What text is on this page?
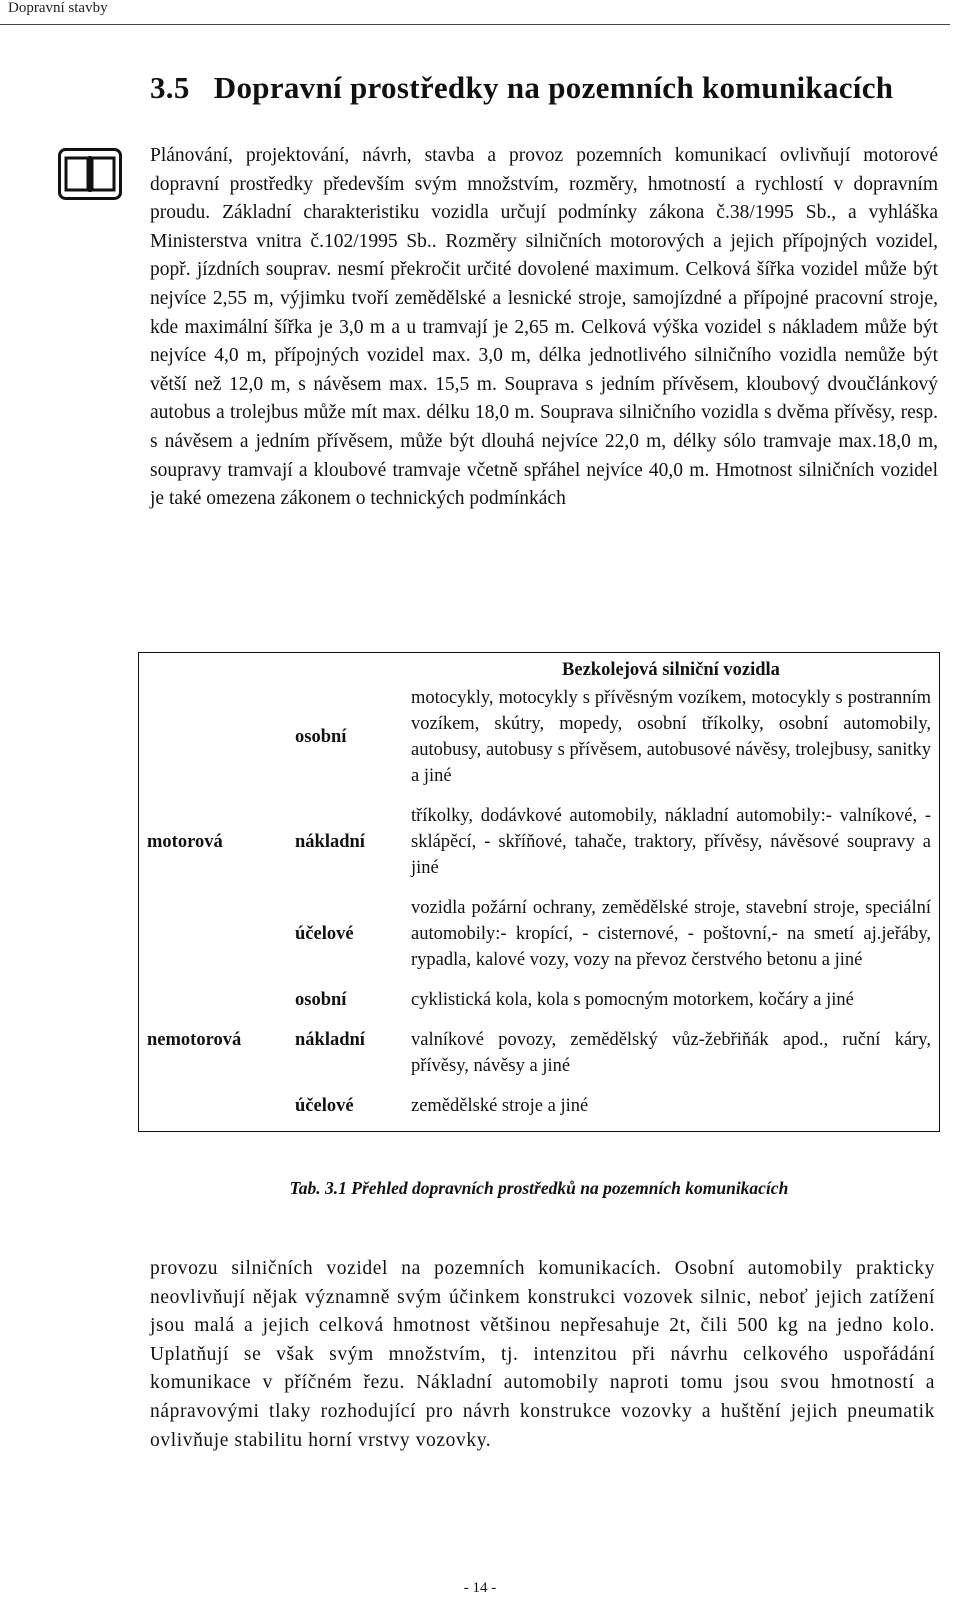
Dopravní stavby
3.5   Dopravní prostředky na pozemních komunikacích

Plánování, projektování, návrh, stavba a provoz pozemních komunikací ovlivňují motorové dopravní prostředky především svým množstvím, rozměry, hmotností a rychlostí v dopravním proudu. Základní charakteristiku vozidla určují podmínky zákona č.38/1995 Sb., a vyhláška Ministerstva vnitra č.102/1995 Sb.. Rozměry silničních motorových a jejich přípojných vozidel, popř. jízdních souprav. nesmí překročit určité dovolené maximum. Celková šířka vozidel může být nejvíce 2,55 m, výjimku tvoří zemědělské a lesnické stroje, samojízdné a přípojné pracovní stroje, kde maximální šířka je 3,0 m a u tramvají je 2,65 m. Celková výška vozidel s nákladem může být nejvíce 4,0 m, přípojných vozidel max. 3,0 m, délka jednotlivého silničního vozidla nemůže být větší než 12,0 m, s návěsem max. 15,5 m. Souprava s jedním přívěsem, kloubový dvoučlánkový autobus a trolejbus může mít max. délku 18,0 m. Souprava silničního vozidla s dvěma přívěsy, resp. s návěsem a jedním přívěsem, může být dlouhá nejvíce 22,0 m, délky sólo tramvaje max.18,0 m, soupravy tramvají a kloubové tramvaje včetně spřáhel nejvíce 40,0 m. Hmotnost silničních vozidel je také omezena zákonem o technických podmínkách

		Bezkolejová silniční vozidla
	osobní	motocykly, motocykly s přívěsným vozíkem, motocykly s postranním vozíkem, skútry, mopedy, osobní tříkolky, osobní automobily, autobusy, autobusy s přívěsem, autobusové návěsy, trolejbusy, sanitky a jiné

motorová	nákladní	tříkolky, dodávkové automobily, nákladní automobily:- valníkové, - sklápěcí, - skříňové, tahače, traktory, přívěsy, návěsové soupravy a jiné

	účelové	vozidla požární ochrany, zemědělské stroje, stavební stroje, speciální automobily:- kropící, - cisternové, - poštovní,- na smetí aj.jeřáby, rypadla, kalové vozy, vozy na převoz čerstvého betonu a jiné

	osobní	cyklistická kola, kola s pomocným motorkem, kočáry a jiné

nemotorová	nákladní	valníkové povozy, zemědělský vůz-žebřiňák apod., ruční káry, přívěsy, návěsy a jiné

	účelové	zemědělské stroje a jiné

Tab. 3.1 Přehled dopravních prostředků na pozemních komunikacích

provozu silničních vozidel na pozemních komunikacích. Osobní automobily prakticky neovlivňují nějak významně svým účinkem konstrukci vozovek silnic, neboť jejich zatížení jsou malá a jejich celková hmotnost většinou nepřesahuje 2t, čili 500 kg na jedno kolo. Uplatňují se však svým množstvím, tj. intenzitou při návrhu celkového uspořádání komunikace v příčném řezu. Nákladní automobily naproti tomu jsou svou hmotností a nápravovými tlaky rozhodující pro návrh konstrukce vozovky a huštění jejich pneumatik ovlivňuje stabilitu horní vrstvy vozovky.

- 14 -
